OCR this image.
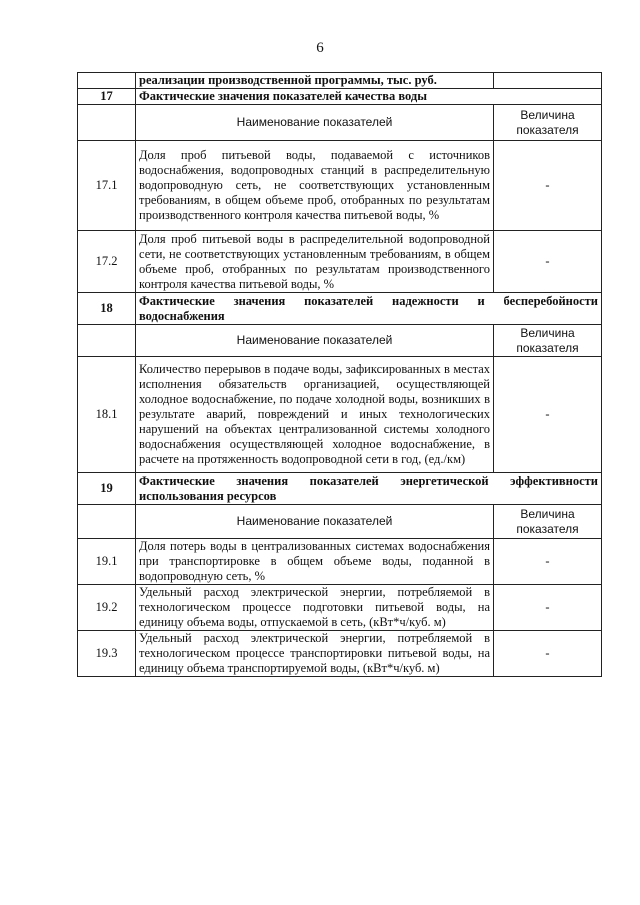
6
	реализации производственной программы, тыс. руб.	
17	Фактические значения показателей качества воды	
	Наименование показателей	Величина показателя
17.1	Доля проб питьевой воды, подаваемой с источников водоснабжения, водопроводных станций в распределительную водопроводную сеть, не соответствующих установленным требованиям, в общем объеме проб, отобранных по результатам производственного контроля качества питьевой воды, %	-
17.2	Доля проб питьевой воды в распределительной водопроводной сети, не соответствующих установленным требованиям, в общем объеме проб, отобранных по результатам производственного контроля качества питьевой воды, %	-
18	Фактические значения показателей надежности и бесперебойности водоснабжения	
	Наименование показателей	Величина показателя
18.1	Количество перерывов в подаче воды, зафиксированных в местах исполнения обязательств организацией, осуществляющей холодное водоснабжение, по подаче холодной воды, возникших в результате аварий, повреждений и иных технологических нарушений на объектах централизованной системы холодного водоснабжения осуществляющей холодное водоснабжение, в расчете на протяженность водопроводной сети в год, (ед./км)	-
19	Фактические значения показателей энергетической эффективности использования ресурсов	
	Наименование показателей	Величина показателя
19.1	Доля потерь воды в централизованных системах водоснабжения при транспортировке в общем объеме воды, поданной в водопроводную сеть, %	-
19.2	Удельный расход электрической энергии, потребляемой в технологическом процессе подготовки питьевой воды, на единицу объема воды, отпускаемой в сеть, (кВт*ч/куб. м)	-
19.3	Удельный расход электрической энергии, потребляемой в технологическом процессе транспортировки питьевой воды, на единицу объема транспортируемой воды, (кВт*ч/куб. м)	-
